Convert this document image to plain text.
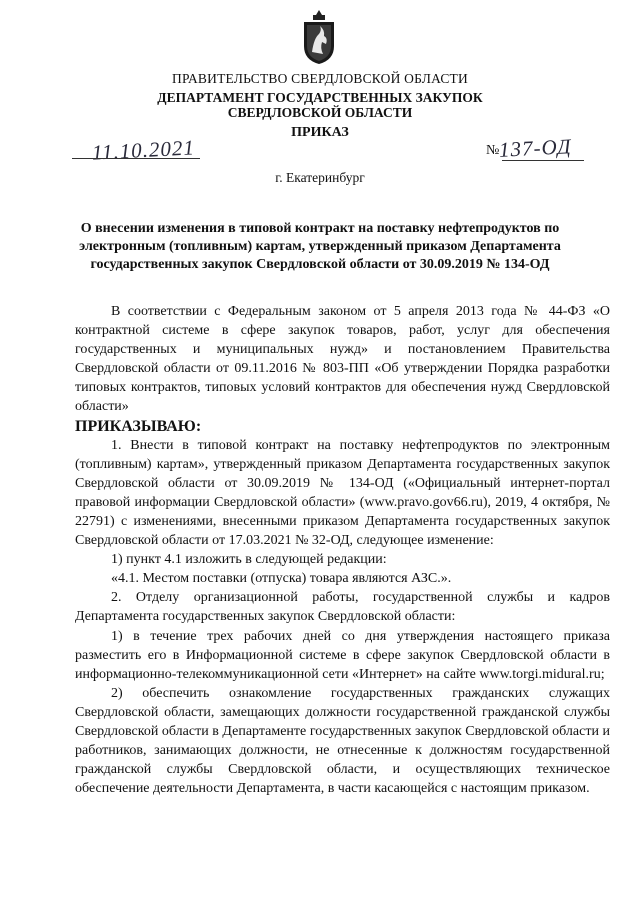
ПРАВИТЕЛЬСТВО СВЕРДЛОВСКОЙ ОБЛАСТИ
ДЕПАРТАМЕНТ ГОСУДАРСТВЕННЫХ ЗАКУПОК
СВЕРДЛОВСКОЙ ОБЛАСТИ
ПРИКАЗ
11.10.2021	№ 137-ОД
г. Екатеринбург
О внесении изменения в типовой контракт на поставку нефтепродуктов по электронным (топливным) картам, утвержденный приказом Департамента государственных закупок Свердловской области от 30.09.2019 № 134-ОД

В соответствии с Федеральным законом от 5 апреля 2013 года № 44-ФЗ «О контрактной системе в сфере закупок товаров, работ, услуг для обеспечения государственных и муниципальных нужд» и постановлением Правительства Свердловской области от 09.11.2016 № 803-ПП «Об утверждении Порядка разработки типовых контрактов, типовых условий контрактов для обеспечения нужд Свердловской области»

ПРИКАЗЫВАЮ:

1. Внести в типовой контракт на поставку нефтепродуктов по электронным (топливным) картам», утвержденный приказом Департамента государственных закупок Свердловской области от 30.09.2019 № 134-ОД («Официальный интернет-портал правовой информации Свердловской области» (www.pravo.gov66.ru), 2019, 4 октября, № 22791) с изменениями, внесенными приказом Департамента государственных закупок Свердловской области от 17.03.2021 № 32-ОД, следующее изменение:

1) пункт 4.1 изложить в следующей редакции:

«4.1. Местом поставки (отпуска) товара являются АЗС.».

2. Отделу организационной работы, государственной службы и кадров Департамента государственных закупок Свердловской области:

1) в течение трех рабочих дней со дня утверждения настоящего приказа разместить его в Информационной системе в сфере закупок Свердловской области в информационно-телекоммуникационной сети «Интернет» на сайте www.torgi.midural.ru;

2) обеспечить ознакомление государственных гражданских служащих Свердловской области, замещающих должности государственной гражданской службы Свердловской области в Департаменте государственных закупок Свердловской области и работников, занимающих должности, не отнесенные к должностям государственной гражданской службы Свердловской области, и осуществляющих техническое обеспечение деятельности Департамента, в части касающейся с настоящим приказом.
